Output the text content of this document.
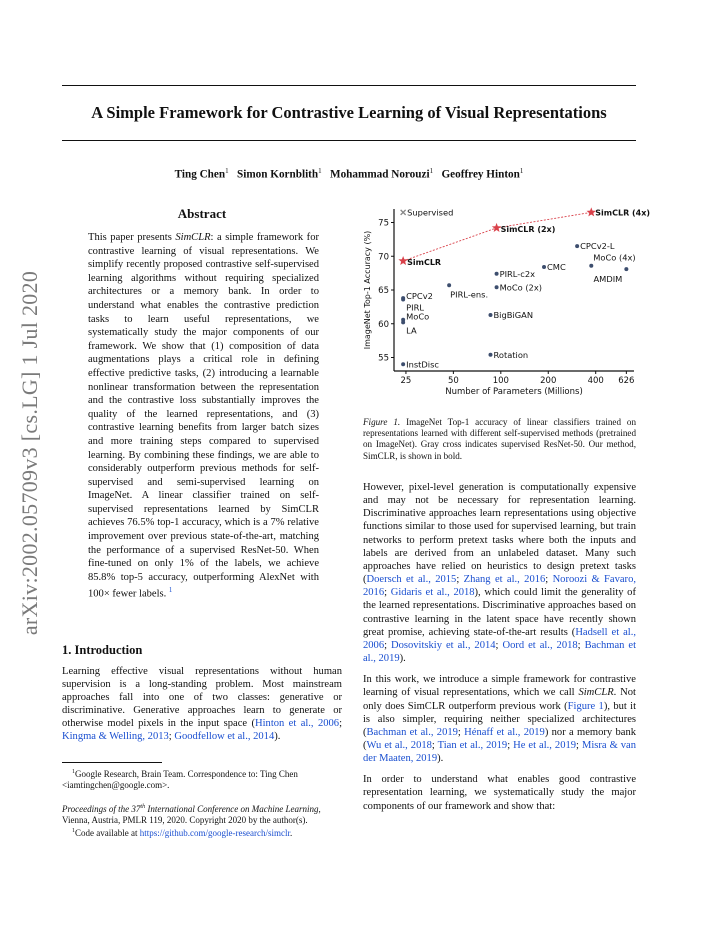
A Simple Framework for Contrastive Learning of Visual Representations
Ting Chen$^1$ Simon Kornblith$^1$ Mohammad Norouzi$^1$ Geoffrey Hinton$^1$
arXiv:2002.05709v3 [cs.LG] 1 Jul 2020
Abstract
This paper presents SimCLR: a simple framework for contrastive learning of visual representations. We simplify recently proposed contrastive self-supervised learning algorithms without requiring specialized architectures or a memory bank. In order to understand what enables the contrastive prediction tasks to learn useful representations, we systematically study the major components of our framework. We show that (1) composition of data augmentations plays a critical role in defining effective predictive tasks, (2) introducing a learnable nonlinear transformation between the representation and the contrastive loss substantially improves the quality of the learned representations, and (3) contrastive learning benefits from larger batch sizes and more training steps compared to supervised learning. By combining these findings, we are able to considerably outperform previous methods for self-supervised and semi-supervised learning on ImageNet. A linear classifier trained on self-supervised representations learned by SimCLR achieves 76.5% top-1 accuracy, which is a 7% relative improvement over previous state-of-the-art, matching the performance of a supervised ResNet-50. When fine-tuned on only 1% of the labels, we achieve 85.8% top-5 accuracy, outperforming AlexNet with 100× fewer labels. $^1$
1. Introduction
Learning effective visual representations without human supervision is a long-standing problem. Most mainstream approaches fall into one of two classes: generative or discriminative. Generative approaches learn to generate or otherwise model pixels in the input space (Hinton et al., 2006; Kingma & Welling, 2013; Goodfellow et al., 2014).

$^1$Google Research, Brain Team. Correspondence to: Ting Chen <iamtingchen@google.com>.

Proceedings of the 37th International Conference on Machine Learning, Vienna, Austria, PMLR 119, 2020. Copyright 2020 by the author(s).

$^1$Code available at https://github.com/google-research/simclr.

25	50	100	200	400 626
55
60
65
70
75
Number of Parameters (Millions)
ImageNet Top-1 Accuracy (%)
InstDisc
CPCv2
PIRL
MoCo
LA
PIRL-ens.
Rotation
BigBiGAN
PIRL-c2x
MoCo (2x)
CMC
CPCv2-L
MoCo (4x)
AMDIM
Supervised
SimCLR
SimCLR (2x)
SimCLR (4x)
Figure 1. ImageNet Top-1 accuracy of linear classifiers trained on representations learned with different self-supervised methods (pretrained on ImageNet). Gray cross indicates supervised ResNet-50. Our method, SimCLR, is shown in bold.

However, pixel-level generation is computationally expensive and may not be necessary for representation learning. Discriminative approaches learn representations using objective functions similar to those used for supervised learning, but train networks to perform pretext tasks where both the inputs and labels are derived from an unlabeled dataset. Many such approaches have relied on heuristics to design pretext tasks (Doersch et al., 2015; Zhang et al., 2016; Noroozi & Favaro, 2016; Gidaris et al., 2018), which could limit the generality of the learned representations. Discriminative approaches based on contrastive learning in the latent space have recently shown great promise, achieving state-of-the-art results (Hadsell et al., 2006; Dosovitskiy et al., 2014; Oord et al., 2018; Bachman et al., 2019).

In this work, we introduce a simple framework for contrastive learning of visual representations, which we call SimCLR. Not only does SimCLR outperform previous work (Figure 1), but it is also simpler, requiring neither specialized architectures (Bachman et al., 2019; Hénaff et al., 2019) nor a memory bank (Wu et al., 2018; Tian et al., 2019; He et al., 2019; Misra & van der Maaten, 2019).

In order to understand what enables good contrastive representation learning, we systematically study the major components of our framework and show that:
